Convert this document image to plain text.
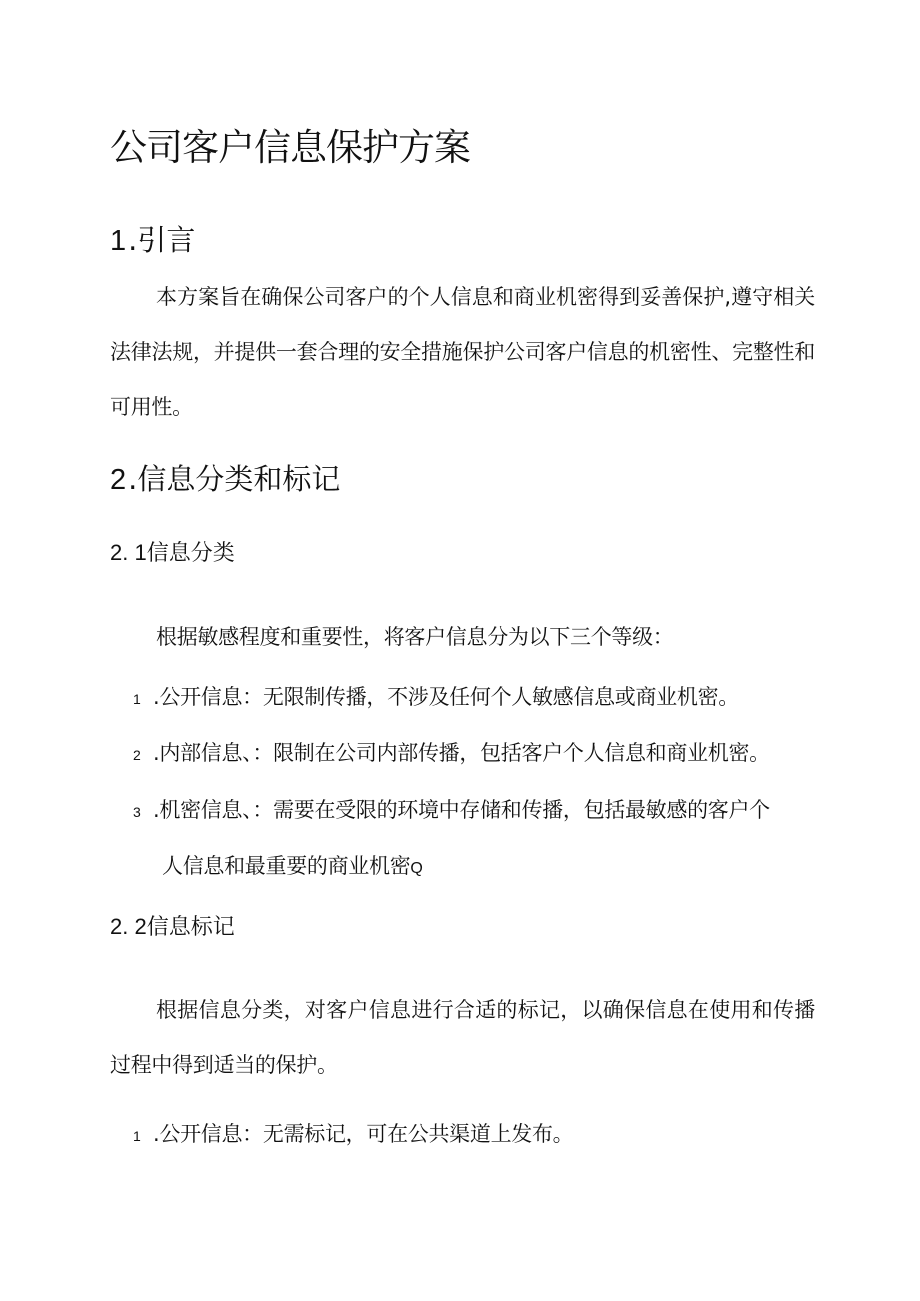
公司客户信息保护方案
1.引言

本方案旨在确保公司客户的个人信息和商业机密得到妥善保护,遵守相关法律法规，并提供一套合理的安全措施保护公司客户信息的机密性、完整性和可用性。

2.信息分类和标记
2. 1信息分类

根据敏感程度和重要性，将客户信息分为以下三个等级：

1 .公开信息：无限制传播，不涉及任何个人敏感信息或商业机密。

2 .内部信息、：限制在公司内部传播，包括客户个人信息和商业机密。

3 .机密信息、：需要在受限的环境中存储和传播，包括最敏感的客户个

人信息和最重要的商业机密Q

2. 2信息标记

根据信息分类，对客户信息进行合适的标记，以确保信息在使用和传播过程中得到适当的保护。

1 .公开信息：无需标记，可在公共渠道上发布。
